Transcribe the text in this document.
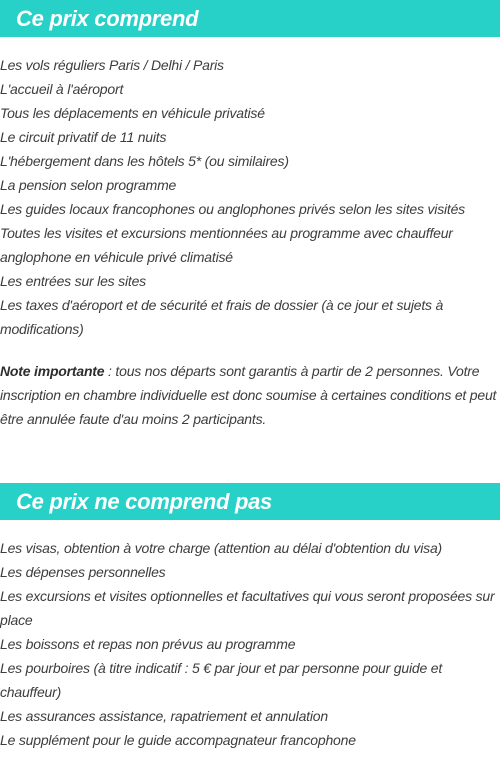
Ce prix comprend
Les vols réguliers Paris / Delhi / Paris
L'accueil à l'aéroport
Tous les déplacements en véhicule privatisé
Le circuit privatif de 11 nuits
L'hébergement dans les hôtels 5* (ou similaires)
La pension selon programme
Les guides locaux francophones ou anglophones privés selon les sites visités
Toutes les visites et excursions mentionnées au programme avec chauffeur anglophone en véhicule privé climatisé
Les entrées sur les sites
Les taxes d'aéroport et de sécurité et frais de dossier (à ce jour et sujets à modifications)

Note importante : tous nos départs sont garantis à partir de 2 personnes. Votre inscription en chambre individuelle est donc soumise à certaines conditions et peut être annulée faute d'au moins 2 participants.

Ce prix ne comprend pas
Les visas, obtention à votre charge (attention au délai d'obtention du visa)
Les dépenses personnelles
Les excursions et visites optionnelles et facultatives qui vous seront proposées sur place
Les boissons et repas non prévus au programme
Les pourboires (à titre indicatif : 5 € par jour et par personne pour guide et chauffeur)
Les assurances assistance, rapatriement et annulation
Le supplément pour le guide accompagnateur francophone
